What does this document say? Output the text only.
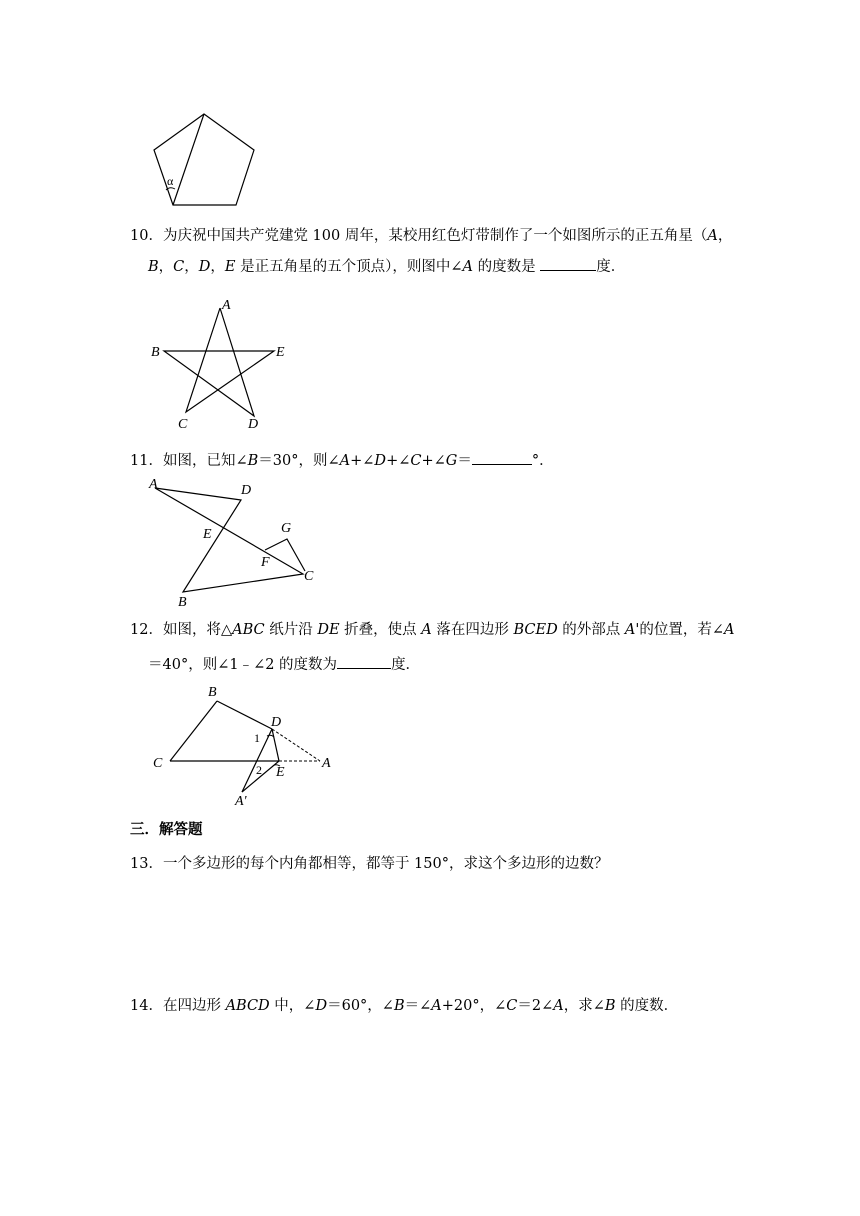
α
10．为庆祝中国共产党建党 100 周年，某校用红色灯带制作了一个如图所示的正五角星（A，
B，C，D，E 是正五角星的五个顶点），则图中∠A 的度数是	度．
A
B	E
C	D
11．如图，已知∠B＝30°，则∠A+∠D+∠C+∠G＝	°．
A	D
E	G
F
C
B
12．如图，将△ABC 纸片沿 DE 折叠，使点 A 落在四边形 BCED 的外部点 A'的位置，若∠A
＝40°，则∠1﹣∠2 的度数为	度．
B
D
C
E
A
A'
1
2
三．解答题
13．一个多边形的每个内角都相等，都等于 150°，求这个多边形的边数？
14．在四边形 ABCD 中，∠D＝60°，∠B＝∠A+20°，∠C＝2∠A，求∠B 的度数．
